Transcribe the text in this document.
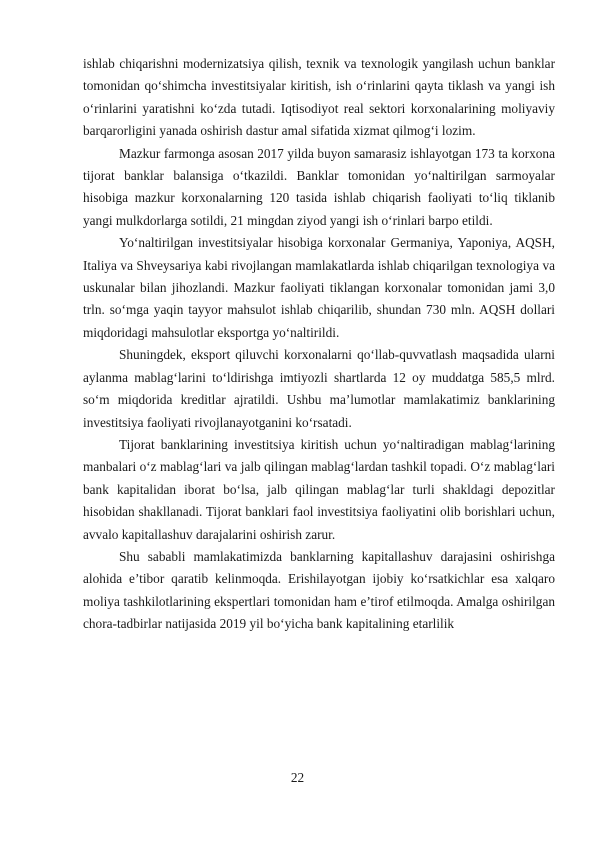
ishlab chiqarishni modernizatsiya qilish, texnik va texnologik yangilash uchun banklar tomonidan qo‘shimcha investitsiyalar kiritish, ish o‘rinlarini qayta tiklash va yangi ish o‘rinlarini yaratishni ko‘zda tutadi. Iqtisodiyot real sektori korxonalarining moliyaviy barqarorligini yanada oshirish dastur amal sifatida xizmat qilmog‘i lozim.

Mazkur farmonga asosan 2017 yilda buyon samarasiz ishlayotgan 173 ta korxona tijorat banklar balansiga o‘tkazildi. Banklar tomonidan yo‘naltirilgan sarmoyalar hisobiga mazkur korxonalarning 120 tasida ishlab chiqarish faoliyati to‘liq tiklanib yangi mulkdorlarga sotildi, 21 mingdan ziyod yangi ish o‘rinlari barpo etildi.

Yo‘naltirilgan investitsiyalar hisobiga korxonalar Germaniya, Yaponiya, AQSH, Italiya va Shveysariya kabi rivojlangan mamlakatlarda ishlab chiqarilgan texnologiya va uskunalar bilan jihozlandi. Mazkur faoliyati tiklangan korxonalar tomonidan jami 3,0 trln. so‘mga yaqin tayyor mahsulot ishlab chiqarilib, shundan 730 mln. AQSH dollari miqdoridagi mahsulotlar eksportga yo‘naltirildi.

Shuningdek, eksport qiluvchi korxonalarni qo‘llab-quvvatlash maqsadida ularni aylanma mablag‘larini to‘ldirishga imtiyozli shartlarda 12 oy muddatga 585,5 mlrd. so‘m miqdorida kreditlar ajratildi. Ushbu ma’lumotlar mamlakatimiz banklarining investitsiya faoliyati rivojlanayotganini ko‘rsatadi.

Tijorat banklarining investitsiya kiritish uchun yo‘naltiradigan mablag‘larining manbalari o‘z mablag‘lari va jalb qilingan mablag‘lardan tashkil topadi. O‘z mablag‘lari bank kapitalidan iborat bo‘lsa, jalb qilingan mablag‘lar turli shakldagi depozitlar hisobidan shakllanadi. Tijorat banklari faol investitsiya faoliyatini olib borishlari uchun, avvalo kapitallashuv darajalarini oshirish zarur.

Shu sababli mamlakatimizda banklarning kapitallashuv darajasini oshirishga alohida e’tibor qaratib kelinmoqda. Erishilayotgan ijobiy ko‘rsatkichlar esa xalqaro moliya tashkilotlarining ekspertlari tomonidan ham e’tirof etilmoqda. Amalga oshirilgan chora-tadbirlar natijasida 2019 yil bo‘yicha bank kapitalining etarlilik

22
